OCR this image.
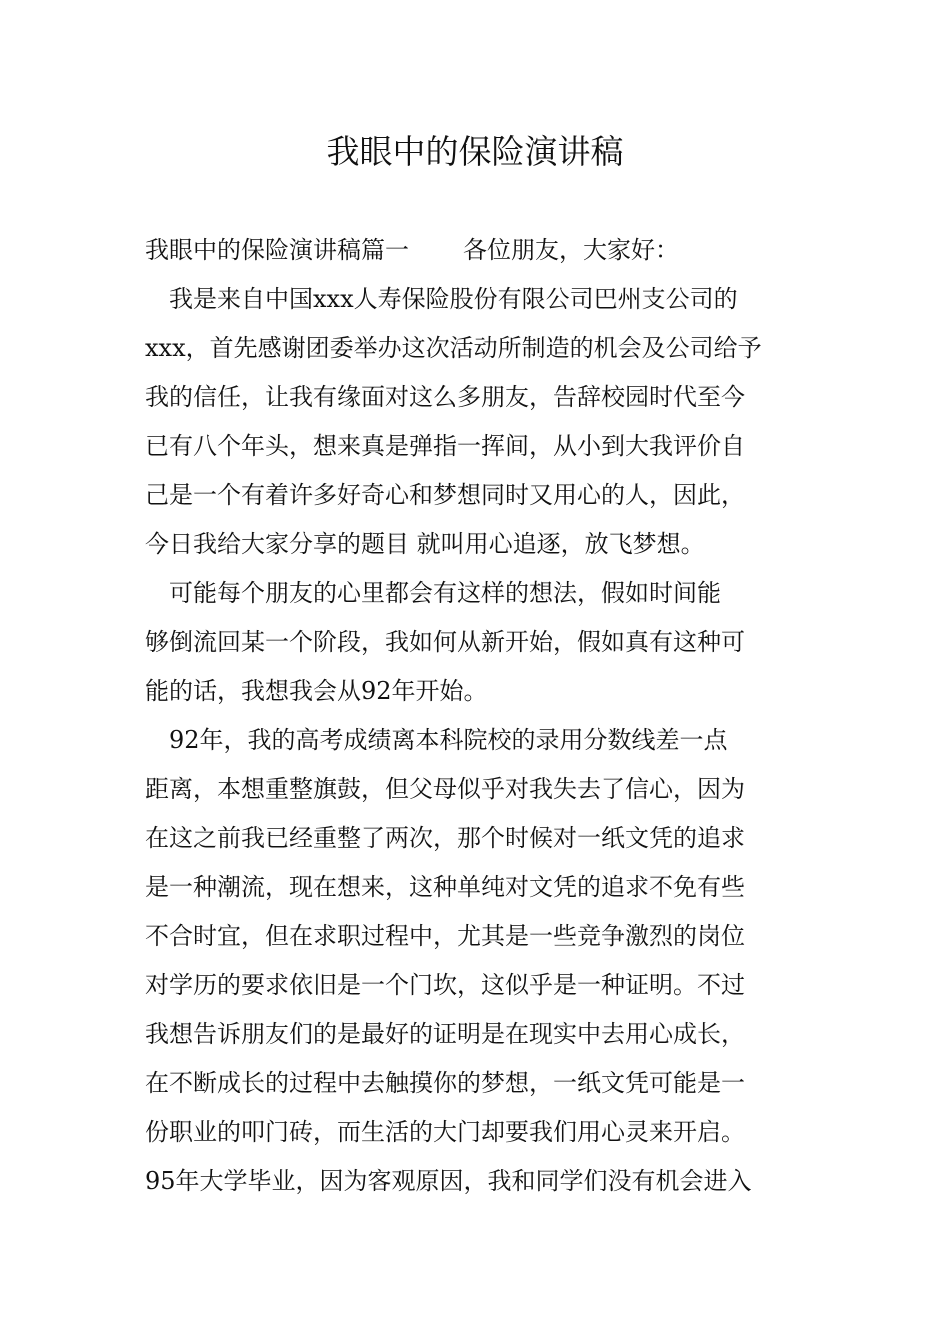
我眼中的保险演讲稿
我眼中的保险演讲稿篇一 各位朋友，大家好：
　我是来自中国xxx人寿保险股份有限公司巴州支公司的
xxx，首先感谢团委举办这次活动所制造的机会及公司给予
我的信任，让我有缘面对这么多朋友，告辞校园时代至今
已有八个年头，想来真是弹指一挥间，从小到大我评价自
己是一个有着许多好奇心和梦想同时又用心的人，因此，
今日我给大家分享的题目 就叫用心追逐，放飞梦想。
　可能每个朋友的心里都会有这样的想法，假如时间能
够倒流回某一个阶段，我如何从新开始，假如真有这种可
能的话，我想我会从92年开始。
　92年，我的高考成绩离本科院校的录用分数线差一点
距离，本想重整旗鼓，但父母似乎对我失去了信心，因为
在这之前我已经重整了两次，那个时候对一纸文凭的追求
是一种潮流，现在想来，这种单纯对文凭的追求不免有些
不合时宜，但在求职过程中，尤其是一些竞争激烈的岗位
对学历的要求依旧是一个门坎，这似乎是一种证明。不过
我想告诉朋友们的是最好的证明是在现实中去用心成长，
在不断成长的过程中去触摸你的梦想，一纸文凭可能是一
份职业的叩门砖，而生活的大门却要我们用心灵来开启。
95年大学毕业，因为客观原因，我和同学们没有机会进入
